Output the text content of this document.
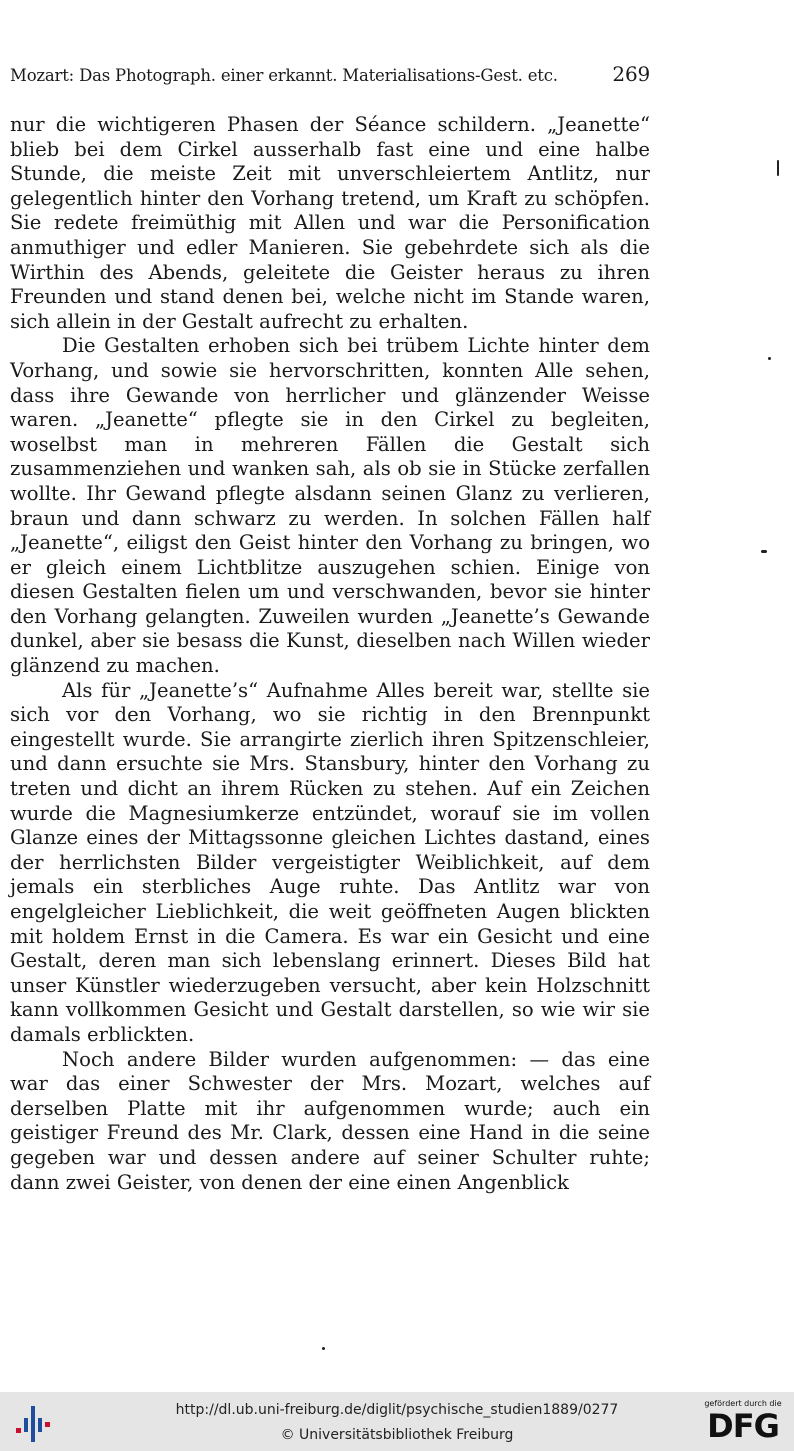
Mozart: Das Photograph. einer erkannt. Materialisations-Gest. etc.	269

nur die wichtigeren Phasen der Séance schildern. „Jeanette“ blieb bei dem Cirkel ausserhalb fast eine und eine halbe Stunde, die meiste Zeit mit unverschleiertem Antlitz, nur gelegentlich hinter den Vorhang tretend, um Kraft zu schöpfen. Sie redete freimüthig mit Allen und war die Personification anmuthiger und edler Manieren. Sie gebehrdete sich als die Wirthin des Abends, geleitete die Geister heraus zu ihren Freunden und stand denen bei, welche nicht im Stande waren, sich allein in der Gestalt aufrecht zu erhalten.

Die Gestalten erhoben sich bei trübem Lichte hinter dem Vorhang, und sowie sie hervorschritten, konnten Alle sehen, dass ihre Gewande von herrlicher und glänzender Weisse waren. „Jeanette“ pflegte sie in den Cirkel zu begleiten, woselbst man in mehreren Fällen die Gestalt sich zusammenziehen und wanken sah, als ob sie in Stücke zerfallen wollte. Ihr Gewand pflegte alsdann seinen Glanz zu verlieren, braun und dann schwarz zu werden. In solchen Fällen half „Jeanette“, eiligst den Geist hinter den Vorhang zu bringen, wo er gleich einem Lichtblitze auszugehen schien. Einige von diesen Gestalten fielen um und verschwanden, bevor sie hinter den Vorhang gelangten. Zuweilen wurden „Jeanette’s Gewande dunkel, aber sie besass die Kunst, dieselben nach Willen wieder glänzend zu machen.

Als für „Jeanette’s“ Aufnahme Alles bereit war, stellte sie sich vor den Vorhang, wo sie richtig in den Brennpunkt eingestellt wurde. Sie arrangirte zierlich ihren Spitzenschleier, und dann ersuchte sie Mrs. Stansbury, hinter den Vorhang zu treten und dicht an ihrem Rücken zu stehen. Auf ein Zeichen wurde die Magnesiumkerze entzündet, worauf sie im vollen Glanze eines der Mittagssonne gleichen Lichtes dastand, eines der herrlichsten Bilder vergeistigter Weiblichkeit, auf dem jemals ein sterbliches Auge ruhte. Das Antlitz war von engelgleicher Lieblichkeit, die weit geöffneten Augen blickten mit holdem Ernst in die Camera. Es war ein Gesicht und eine Gestalt, deren man sich lebenslang erinnert. Dieses Bild hat unser Künstler wiederzugeben versucht, aber kein Holzschnitt kann vollkommen Gesicht und Gestalt darstellen, so wie wir sie damals erblickten.

Noch andere Bilder wurden aufgenommen: — das eine war das einer Schwester der Mrs. Mozart, welches auf derselben Platte mit ihr aufgenommen wurde; auch ein geistiger Freund des Mr. Clark, dessen eine Hand in die seine gegeben war und dessen andere auf seiner Schulter ruhte; dann zwei Geister, von denen der eine einen Angenblick

http://dl.ub.uni-freiburg.de/diglit/psychische_studien1889/0277
© Universitätsbibliothek Freiburg
gefördert durch die
DFG
